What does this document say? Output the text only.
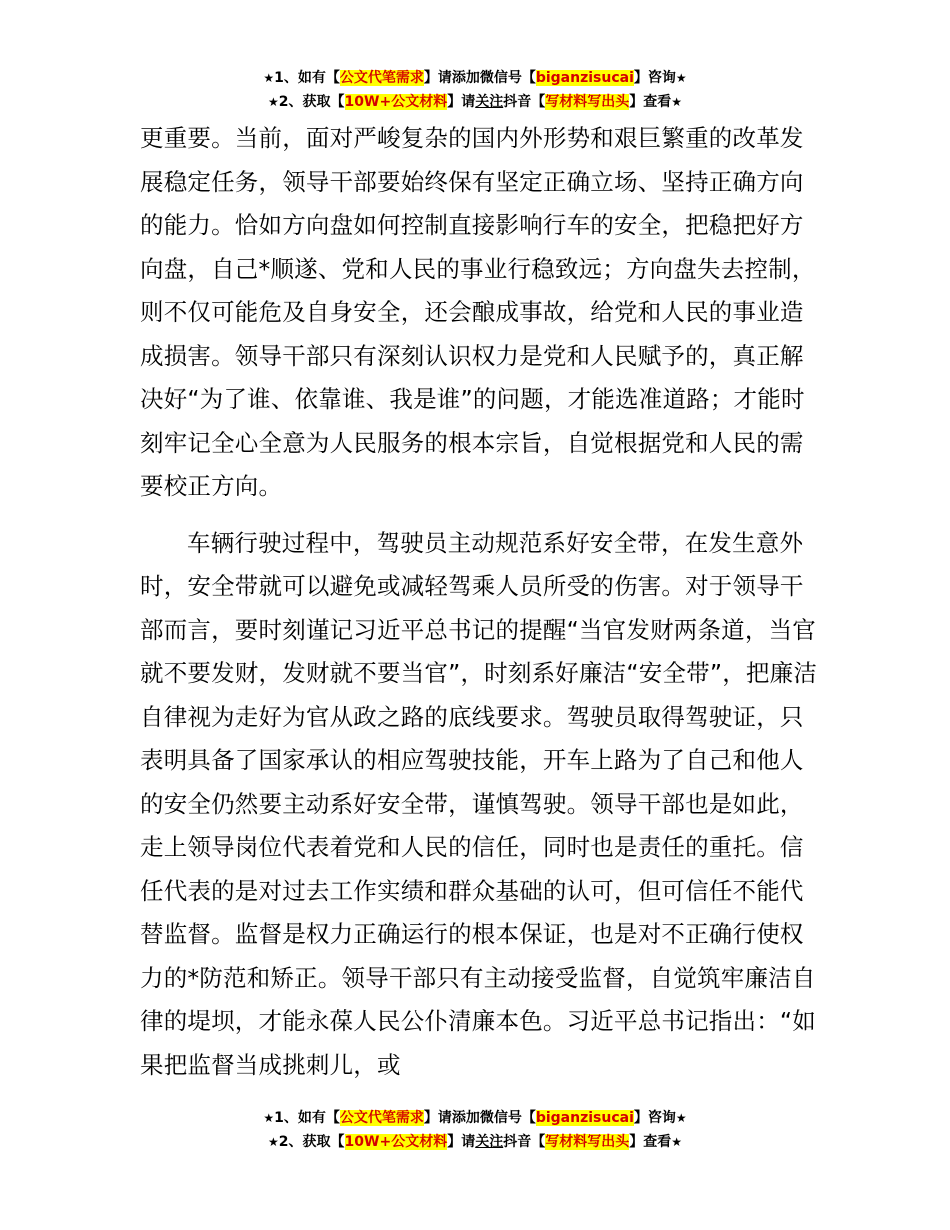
★1、如有【公文代笔需求】请添加微信号【biganzisucai】咨询★
★2、获取【10W+公文材料】请关注抖音【写材料写出头】查看★

更重要。当前，面对严峻复杂的国内外形势和艰巨繁重的改革发展稳定任务，领导干部要始终保有坚定正确立场、坚持正确方向的能力。恰如方向盘如何控制直接影响行车的安全，把稳把好方向盘，自己*顺遂、党和人民的事业行稳致远；方向盘失去控制，则不仅可能危及自身安全，还会酿成事故，给党和人民的事业造成损害。领导干部只有深刻认识权力是党和人民赋予的，真正解决好“为了谁、依靠谁、我是谁”的问题，才能选准道路；才能时刻牢记全心全意为人民服务的根本宗旨，自觉根据党和人民的需要校正方向。

车辆行驶过程中，驾驶员主动规范系好安全带，在发生意外时，安全带就可以避免或减轻驾乘人员所受的伤害。对于领导干部而言，要时刻谨记习近平总书记的提醒“当官发财两条道，当官就不要发财，发财就不要当官”，时刻系好廉洁“安全带”，把廉洁自律视为走好为官从政之路的底线要求。驾驶员取得驾驶证，只表明具备了国家承认的相应驾驶技能，开车上路为了自己和他人的安全仍然要主动系好安全带，谨慎驾驶。领导干部也是如此，走上领导岗位代表着党和人民的信任，同时也是责任的重托。信任代表的是对过去工作实绩和群众基础的认可，但可信任不能代替监督。监督是权力正确运行的根本保证，也是对不正确行使权力的*防范和矫正。领导干部只有主动接受监督，自觉筑牢廉洁自律的堤坝，才能永葆人民公仆清廉本色。习近平总书记指出：“如果把监督当成挑刺儿，或

★1、如有【公文代笔需求】请添加微信号【biganzisucai】咨询★
★2、获取【10W+公文材料】请关注抖音【写材料写出头】查看★
